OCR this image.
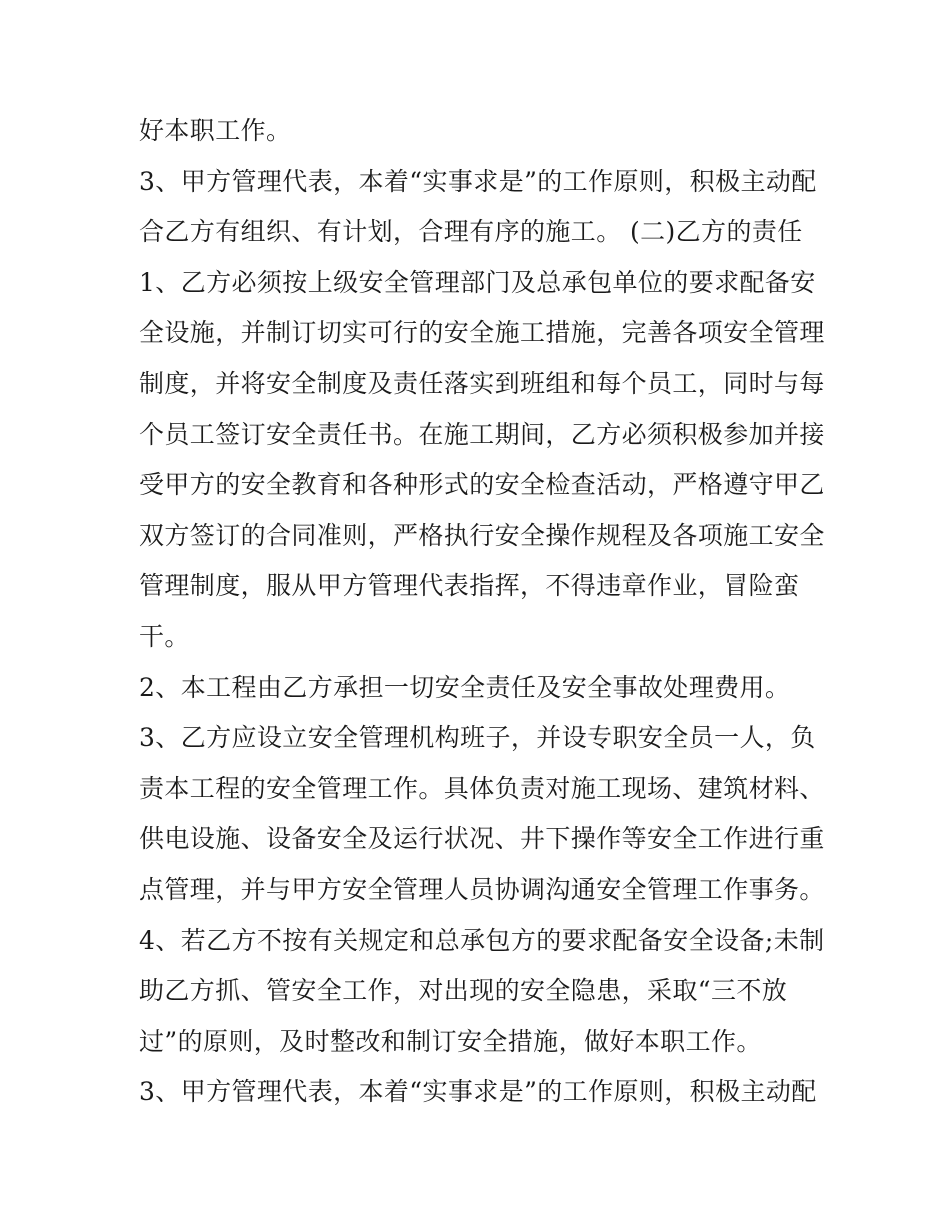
好本职工作。
3、甲方管理代表，本着“实事求是”的工作原则，积极主动配
合乙方有组织、有计划，合理有序的施工。 (二)乙方的责任
1、乙方必须按上级安全管理部门及总承包单位的要求配备安
全设施，并制订切实可行的安全施工措施，完善各项安全管理
制度，并将安全制度及责任落实到班组和每个员工，同时与每
个员工签订安全责任书。在施工期间，乙方必须积极参加并接
受甲方的安全教育和各种形式的安全检查活动，严格遵守甲乙
双方签订的合同准则，严格执行安全操作规程及各项施工安全
管理制度，服从甲方管理代表指挥，不得违章作业，冒险蛮
干。
2、本工程由乙方承担一切安全责任及安全事故处理费用。
3、乙方应设立安全管理机构班子，并设专职安全员一人，负
责本工程的安全管理工作。具体负责对施工现场、建筑材料、
供电设施、设备安全及运行状况、井下操作等安全工作进行重
点管理，并与甲方安全管理人员协调沟通安全管理工作事务。
4、若乙方不按有关规定和总承包方的要求配备安全设备;未制
助乙方抓、管安全工作，对出现的安全隐患，采取“三不放
过”的原则，及时整改和制订安全措施，做好本职工作。
3、甲方管理代表，本着“实事求是”的工作原则，积极主动配
